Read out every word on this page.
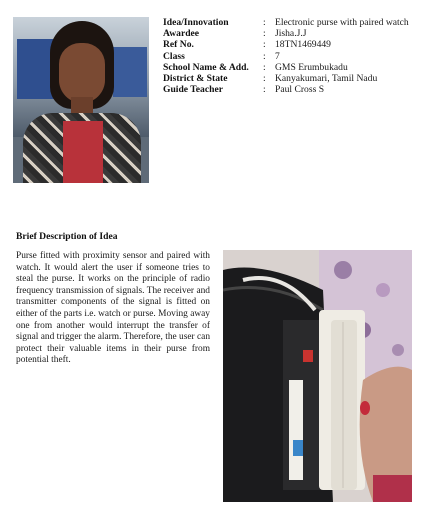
Idea/Innovation	: Electronic purse with paired watch
Awardee	: Jisha.J.J
Ref No.	: 18TN1469449
Class	: 7
School Name & Add.	: GMS Erumbukadu
District & State	: Kanyakumari, Tamil Nadu
Guide Teacher	: Paul Cross S
Brief Description of Idea
Purse fitted with proximity sensor and paired with watch. It would alert the user if someone tries to steal the purse. It works on the principle of radio frequency transmission of signals. The receiver and transmitter components of the signal is fitted on either of the parts i.e. watch or purse. Moving away one from another would interrupt the transfer of signal and trigger the alarm. Therefore, the user can protect their valuable items in their purse from potential theft.
